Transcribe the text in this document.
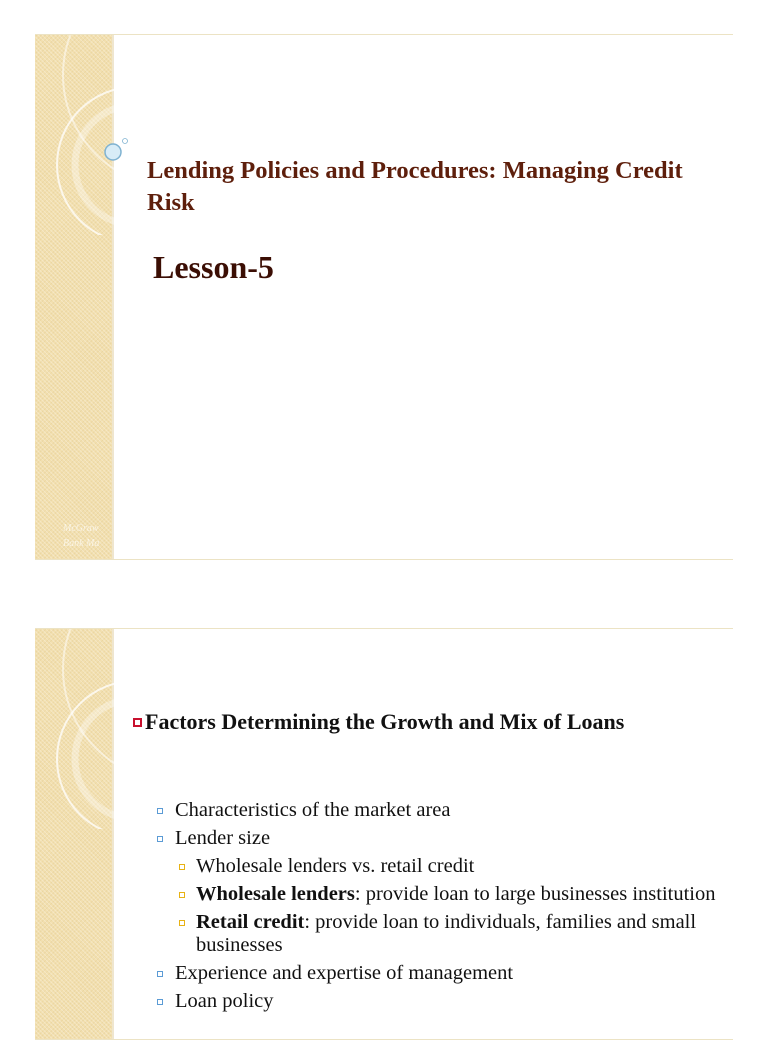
Lending Policies and Procedures: Managing Credit Risk
Lesson-5
McGraw
Bank Ma
Factors Determining the Growth and Mix of Loans
Characteristics of the market area
Lender size
Wholesale lenders vs. retail credit
Wholesale lenders: provide loan to large businesses institution
Retail credit: provide loan to individuals, families and small businesses
Experience and expertise of management
Loan policy
